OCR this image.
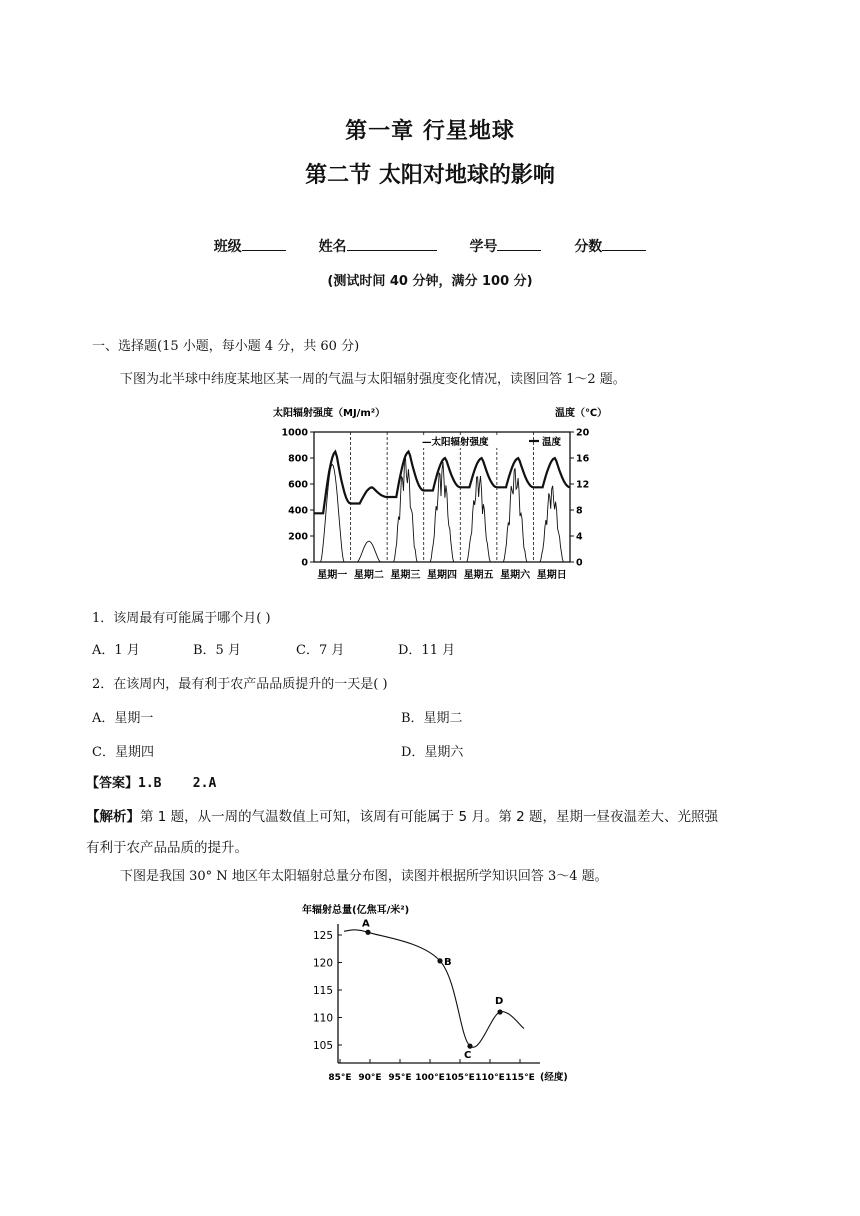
第一章 行星地球
第二节 太阳对地球的影响
班级	姓名	学号	分数
(测试时间 40 分钟，满分 100 分)
一、选择题(15 小题，每小题 4 分，共 60 分)
下图为北半球中纬度某地区某一周的气温与太阳辐射强度变化情况，读图回答 1～2 题。
太阳辐射强度（MJ/m²）	温度（℃）
0
200
400
600
800
1000
0
4
8
12
16
20
—太阳辐射强度	温度
星期一 星期二 星期三 星期四 星期五 星期六 星期日
1．该周最有可能属于哪个月( )
A．1 月	B．5 月	C．7 月	D．11 月
2．在该周内，最有利于农产品品质提升的一天是( )
A．星期一	B．星期二
C．星期四	D．星期六
【答案】1.B    2.A
【解析】第 1 题，从一周的气温数值上可知，该周有可能属于 5 月。第 2 题，星期一昼夜温差大、光照强
有利于农产品品质的提升。
下图是我国 30° N 地区年太阳辐射总量分布图，读图并根据所学知识回答 3～4 题。
年辐射总量(亿焦耳/米²)
105
110
115
120
125
85°E 90°E 95°E 100°E 105°E 110°E 115°E
A
B
C
D
(经度)
